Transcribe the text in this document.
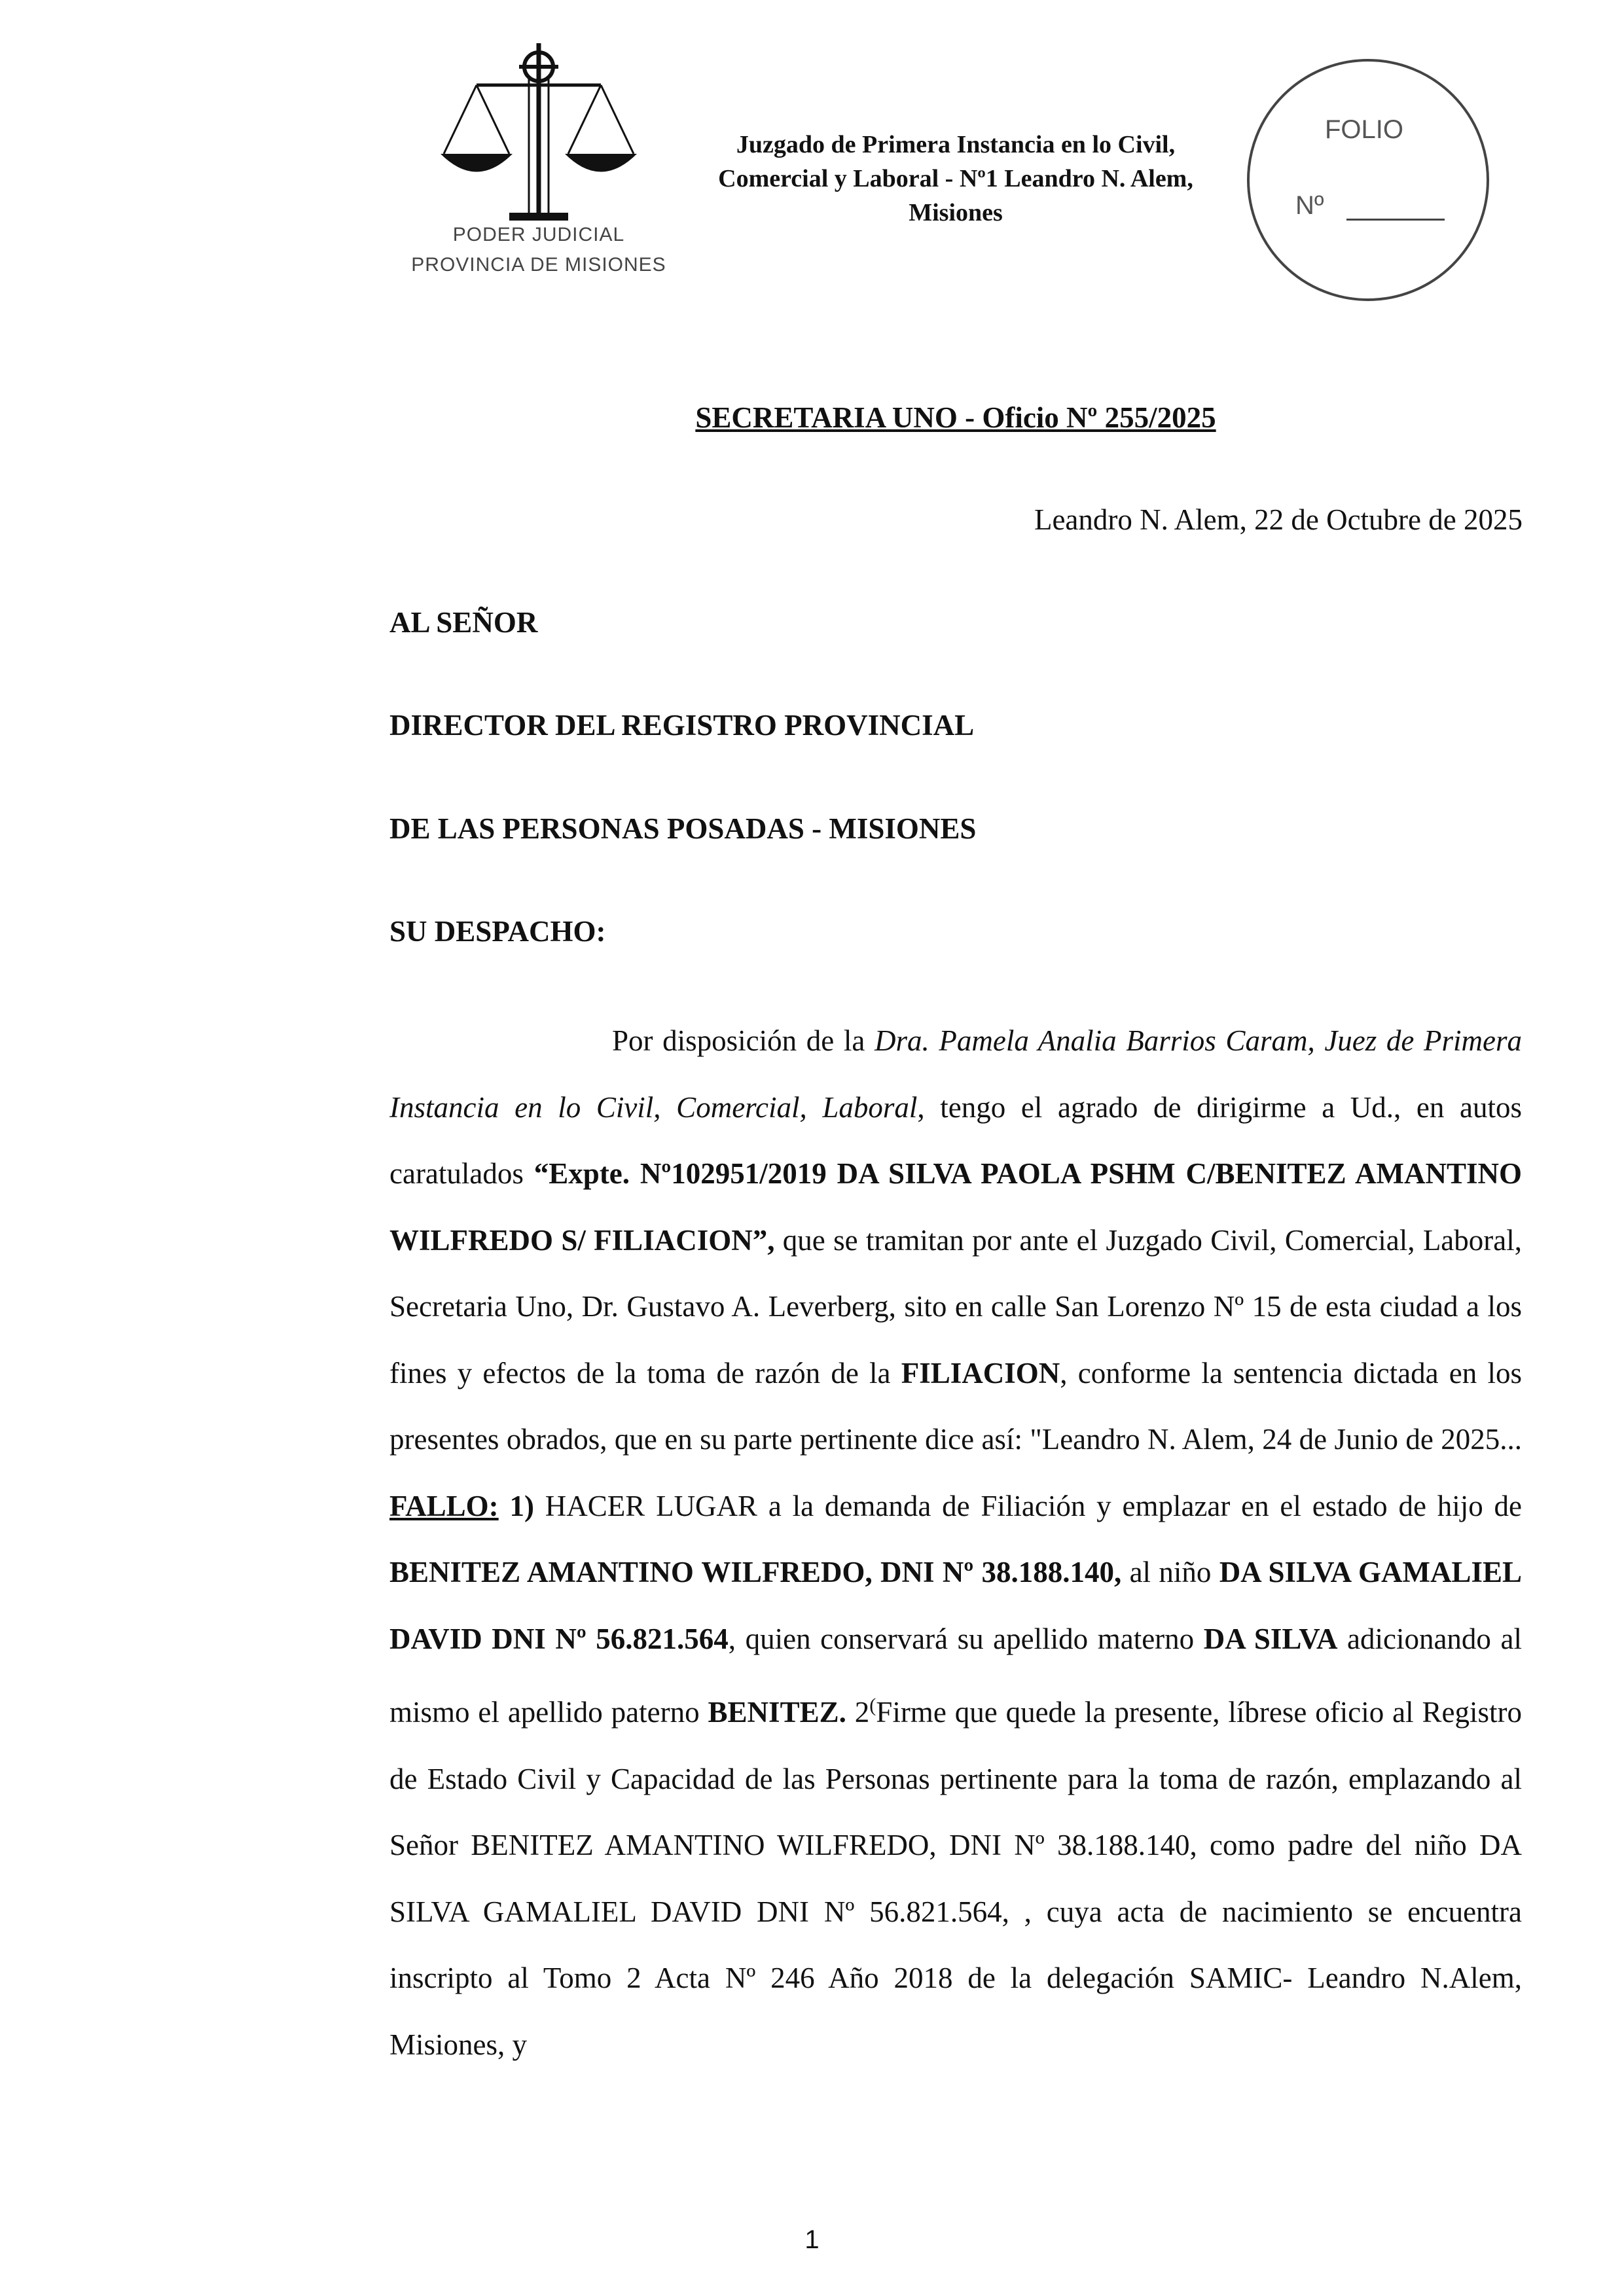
PODER JUDICIAL
PROVINCIA DE MISIONES
Juzgado de Primera Instancia en lo Civil,
Comercial y Laboral - Nº1 Leandro N. Alem,
Misiones
FOLIO
Nº
SECRETARIA UNO - Oficio Nº 255/2025
Leandro N. Alem, 22 de Octubre de 2025
AL SEÑOR
DIRECTOR DEL REGISTRO PROVINCIAL
DE LAS PERSONAS POSADAS - MISIONES
SU DESPACHO:

Por disposición de la Dra. Pamela Analia Barrios Caram, Juez de Primera Instancia en lo Civil, Comercial, Laboral, tengo el agrado de dirigirme a Ud., en autos caratulados “Expte. Nº102951/2019 DA SILVA PAOLA PSHM C/BENITEZ AMANTINO WILFREDO S/ FILIACION”, que se tramitan por ante el Juzgado Civil, Comercial, Laboral, Secretaria Uno, Dr. Gustavo A. Leverberg, sito en calle San Lorenzo Nº 15 de esta ciudad a los fines y efectos de la toma de razón de la FILIACION, conforme la sentencia dictada en los presentes obrados, que en su parte pertinente dice así: "Leandro N. Alem, 24 de Junio de 2025... FALLO: 1) HACER LUGAR a la demanda de Filiación y emplazar en el estado de hijo de BENITEZ AMANTINO WILFREDO, DNI Nº 38.188.140, al niño DA SILVA GAMALIEL DAVID DNI Nº 56.821.564, quien conservará su apellido materno DA SILVA adicionando al mismo el apellido paterno BENITEZ. 2(Firme que quede la presente, líbrese oficio al Registro de Estado Civil y Capacidad de las Personas pertinente para la toma de razón, emplazando al Señor BENITEZ AMANTINO WILFREDO, DNI Nº 38.188.140, como padre del niño DA SILVA GAMALIEL DAVID DNI Nº 56.821.564, , cuya acta de nacimiento se encuentra inscripto al Tomo 2 Acta Nº 246 Año 2018 de la delegación SAMIC- Leandro N.Alem, Misiones, y

1
